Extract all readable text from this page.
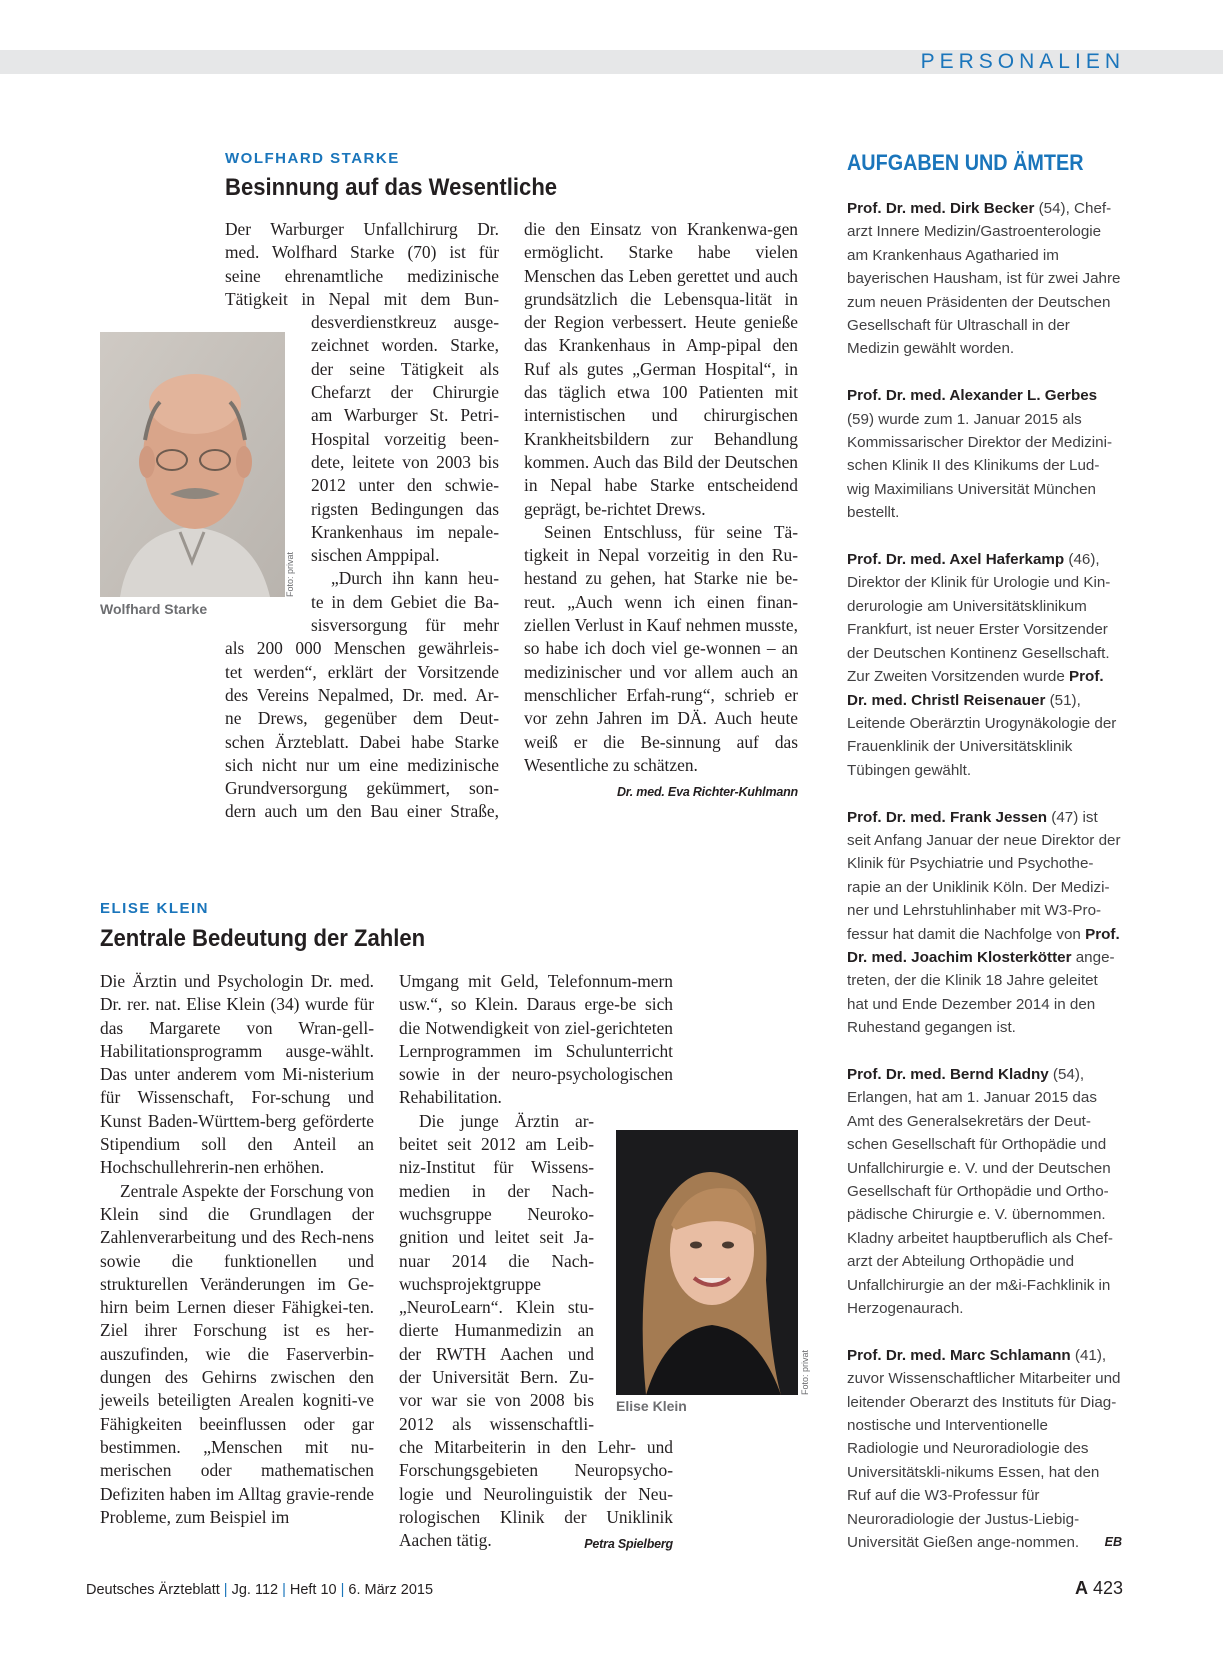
PERSONALIEN
WOLFHARD STARKE
Besinnung auf das Wesentliche
Foto: privat
Wolfhard Starke
Der Warburger Unfallchirurg Dr.
med. Wolfhard Starke (70) ist für
seine ehrenamtliche medizinische
Tätigkeit in Nepal mit dem Bun-
desverdienstkreuz ausge-
zeichnet worden. Starke,
der seine Tätigkeit als
Chefarzt der Chirurgie
am Warburger St. Petri-
Hospital vorzeitig been-
dete, leitete von 2003 bis
2012 unter den schwie-
rigsten Bedingungen das
Krankenhaus im nepale-
sischen Amppipal.
„Durch ihn kann heu-
te in dem Gebiet die Ba-
sisversorgung für mehr
als 200 000 Menschen gewährleis-
tet werden“, erklärt der Vorsitzende
des Vereins Nepalmed, Dr. med. Ar-
ne Drews, gegenüber dem Deut-
schen Ärzteblatt. Dabei habe Starke
sich nicht nur um eine medizinische
Grundversorgung gekümmert, son-
dern auch um den Bau einer Straße,

die den Einsatz von Krankenwa-gen ermöglicht. Starke habe vielen Menschen das Leben gerettet und auch grundsätzlich die Lebensqua-lität in der Region verbessert. Heute genieße das Krankenhaus in Amp-pipal den Ruf als gutes „German Hospital“, in das täglich etwa 100 Patienten mit internistischen und chirurgischen Krankheitsbildern zur Behandlung kommen. Auch das Bild der Deutschen in Nepal habe Starke entscheidend geprägt, be-richtet Drews.

Seinen Entschluss, für seine Tä-tigkeit in Nepal vorzeitig in den Ru-hestand zu gehen, hat Starke nie be-reut. „Auch wenn ich einen finan-ziellen Verlust in Kauf nehmen musste, so habe ich doch viel ge-wonnen – an medizinischer und vor allem auch an menschlicher Erfah-rung“, schrieb er vor zehn Jahren im DÄ. Auch heute weiß er die Be-sinnung auf das Wesentliche zu schätzen.
Dr. med. Eva Richter-Kuhlmann

ELISE KLEIN
Zentrale Bedeutung der Zahlen

Die Ärztin und Psychologin Dr. med. Dr. rer. nat. Elise Klein (34) wurde für das Margarete von Wran-gell-Habilitationsprogramm ausge-wählt. Das unter anderem vom Mi-nisterium für Wissenschaft, For-schung und Kunst Baden-Württem-berg geförderte Stipendium soll den Anteil an Hochschullehrerin-nen erhöhen.

Zentrale Aspekte der Forschung von Klein sind die Grundlagen der Zahlenverarbeitung und des Rech-nens sowie die funktionellen und strukturellen Veränderungen im Ge-hirn beim Lernen dieser Fähigkei-ten. Ziel ihrer Forschung ist es her-auszufinden, wie die Faserverbin-dungen des Gehirns zwischen den jeweils beteiligten Arealen kogniti-ve Fähigkeiten beeinflussen oder gar bestimmen. „Menschen mit nu-merischen oder mathematischen Defiziten haben im Alltag gravie-rende Probleme, zum Beispiel im

Umgang mit Geld, Telefonnum-mern usw.“, so Klein. Daraus erge-be sich die Notwendigkeit von ziel-gerichteten Lernprogrammen im Schulunterricht sowie in der neuro-psychologischen Rehabilitation.

Die junge Ärztin ar-
beitet seit 2012 am Leib-
niz-Institut für Wissens-
medien in der Nach-
wuchsgruppe Neuroko-
gnition und leitet seit Ja-
nuar 2014 die Nach-
wuchsprojektgruppe
„NeuroLearn“. Klein stu-
dierte Humanmedizin an
der RWTH Aachen und
der Universität Bern. Zu-
vor war sie von 2008 bis
2012 als wissenschaftli-
che Mitarbeiterin in den Lehr- und
Forschungsgebieten Neuropsycho-
logie und Neurolinguistik der Neu-
rologischen Klinik der Uniklinik
Aachen tätig.	Petra Spielberg
Foto: privat
Elise Klein
AUFGABEN UND ÄMTER
Prof. Dr. med. Dirk Becker (54), Chef-arzt Innere Medizin/Gastroenterologie am Krankenhaus Agatharied im bayerischen Hausham, ist für zwei Jahre zum neuen Präsidenten der Deutschen Gesellschaft für Ultraschall in der Medizin gewählt worden.
Prof. Dr. med. Alexander L. Gerbes (59) wurde zum 1. Januar 2015 als Kommissarischer Direktor der Medizini-schen Klinik II des Klinikums der Lud-wig Maximilians Universität München bestellt.
Prof. Dr. med. Axel Haferkamp (46), Direktor der Klinik für Urologie und Kin-derurologie am Universitätsklinikum Frankfurt, ist neuer Erster Vorsitzender der Deutschen Kontinenz Gesellschaft. Zur Zweiten Vorsitzenden wurde Prof. Dr. med. Christl Reisenauer (51), Leitende Oberärztin Urogynäkologie der Frauenklinik der Universitätsklinik Tübingen gewählt.
Prof. Dr. med. Frank Jessen (47) ist seit Anfang Januar der neue Direktor der Klinik für Psychiatrie und Psychothe-rapie an der Uniklinik Köln. Der Medizi-ner und Lehrstuhlinhaber mit W3-Pro-fessur hat damit die Nachfolge von Prof. Dr. med. Joachim Klosterkötter ange-treten, der die Klinik 18 Jahre geleitet hat und Ende Dezember 2014 in den Ruhestand gegangen ist.
Prof. Dr. med. Bernd Kladny (54), Erlangen, hat am 1. Januar 2015 das Amt des Generalsekretärs der Deut-schen Gesellschaft für Orthopädie und Unfallchirurgie e. V. und der Deutschen Gesellschaft für Orthopädie und Ortho-pädische Chirurgie e. V. übernommen. Kladny arbeitet hauptberuflich als Chef-arzt der Abteilung Orthopädie und Unfallchirurgie an der m&i-Fachklinik in Herzogenaurach.
Prof. Dr. med. Marc Schlamann (41), zuvor Wissenschaftlicher Mitarbeiter und leitender Oberarzt des Instituts für Diag-nostische und Interventionelle Radiologie und Neuroradiologie des Universitätskli-nikums Essen, hat den Ruf auf die W3-Professur für Neuroradiologie der Justus-Liebig-Universität Gießen ange-nommen. EB
Deutsches Ärzteblatt | Jg. 112 | Heft 10 | 6. März 2015	A 423
